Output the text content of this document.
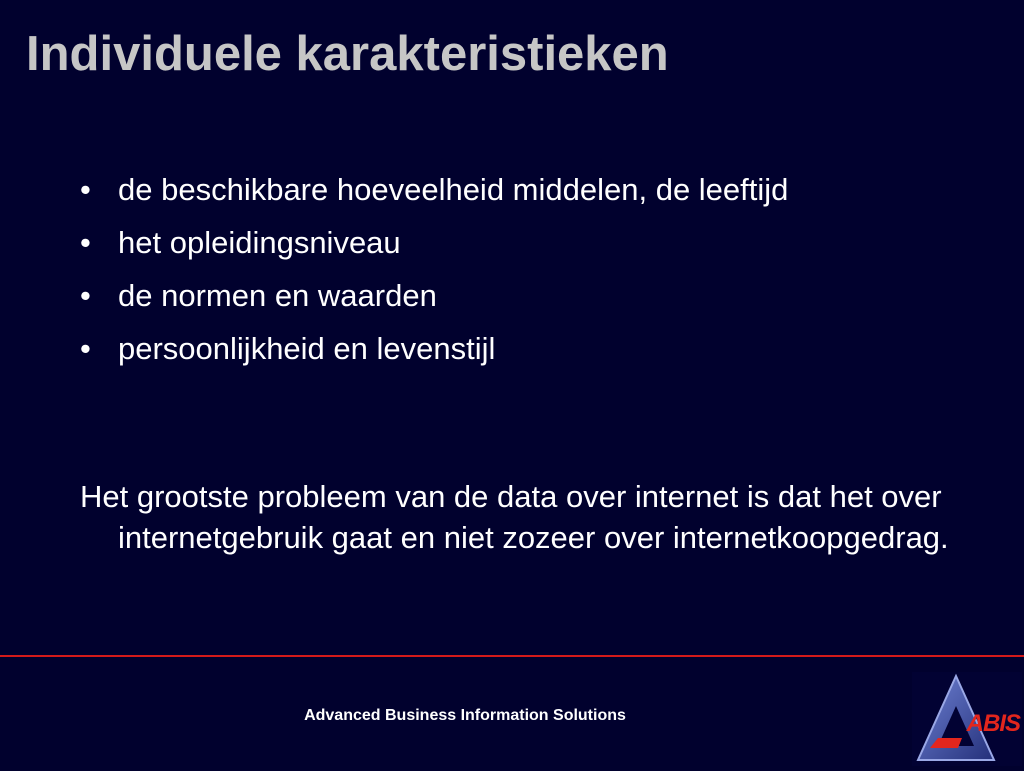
Individuele karakteristieken
• de beschikbare hoeveelheid middelen, de leeftijd
• het opleidingsniveau
• de normen en waarden
• persoonlijkheid en levenstijl

Het grootste probleem van de data over internet is dat het over internetgebruik gaat en niet zozeer over internetkoopgedrag.

Advanced Business Information Solutions	ABIS
